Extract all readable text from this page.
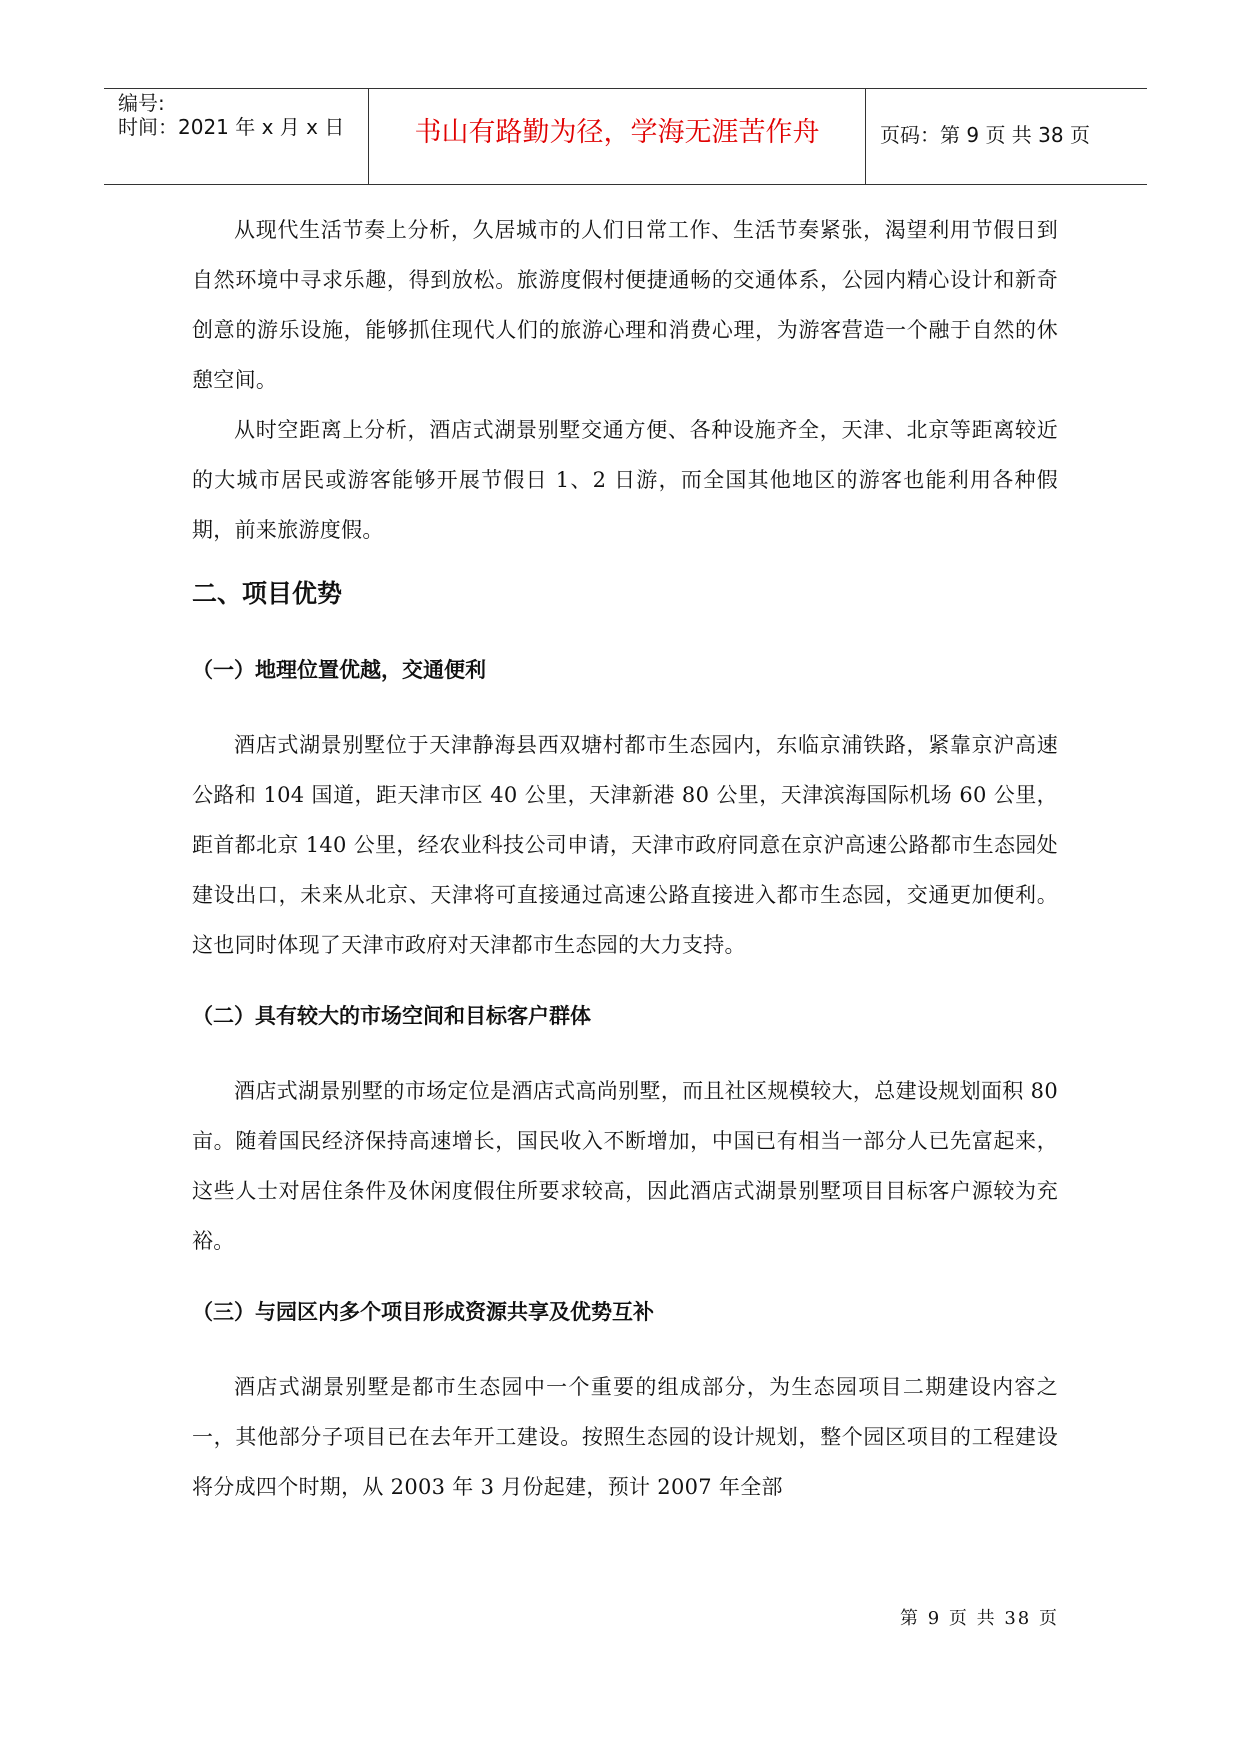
编号:
时间：2021 年 x 月 x 日	书山有路勤为径，学海无涯苦作舟	页码：第 9 页 共 38 页

从现代生活节奏上分析，久居城市的人们日常工作、生活节奏紧张，渴望利用节假日到自然环境中寻求乐趣，得到放松。旅游度假村便捷通畅的交通体系，公园内精心设计和新奇创意的游乐设施，能够抓住现代人们的旅游心理和消费心理，为游客营造一个融于自然的休憩空间。

从时空距离上分析，酒店式湖景别墅交通方便、各种设施齐全，天津、北京等距离较近的大城市居民或游客能够开展节假日 1、2 日游，而全国其他地区的游客也能利用各种假期，前来旅游度假。

二、项目优势
（一）地理位置优越，交通便利

酒店式湖景别墅位于天津静海县西双塘村都市生态园内，东临京浦铁路，紧靠京沪高速公路和 104 国道，距天津市区 40 公里，天津新港 80 公里，天津滨海国际机场 60 公里，距首都北京 140 公里，经农业科技公司申请，天津市政府同意在京沪高速公路都市生态园处建设出口，未来从北京、天津将可直接通过高速公路直接进入都市生态园，交通更加便利。这也同时体现了天津市政府对天津都市生态园的大力支持。

（二）具有较大的市场空间和目标客户群体

酒店式湖景别墅的市场定位是酒店式高尚别墅，而且社区规模较大，总建设规划面积 80 亩。随着国民经济保持高速增长，国民收入不断增加，中国已有相当一部分人已先富起来，这些人士对居住条件及休闲度假住所要求较高，因此酒店式湖景别墅项目目标客户源较为充裕。

（三）与园区内多个项目形成资源共享及优势互补

酒店式湖景别墅是都市生态园中一个重要的组成部分，为生态园项目二期建设内容之一，其他部分子项目已在去年开工建设。按照生态园的设计规划，整个园区项目的工程建设将分成四个时期，从 2003 年 3 月份起建，预计 2007 年全部

第 9 页 共 38 页
